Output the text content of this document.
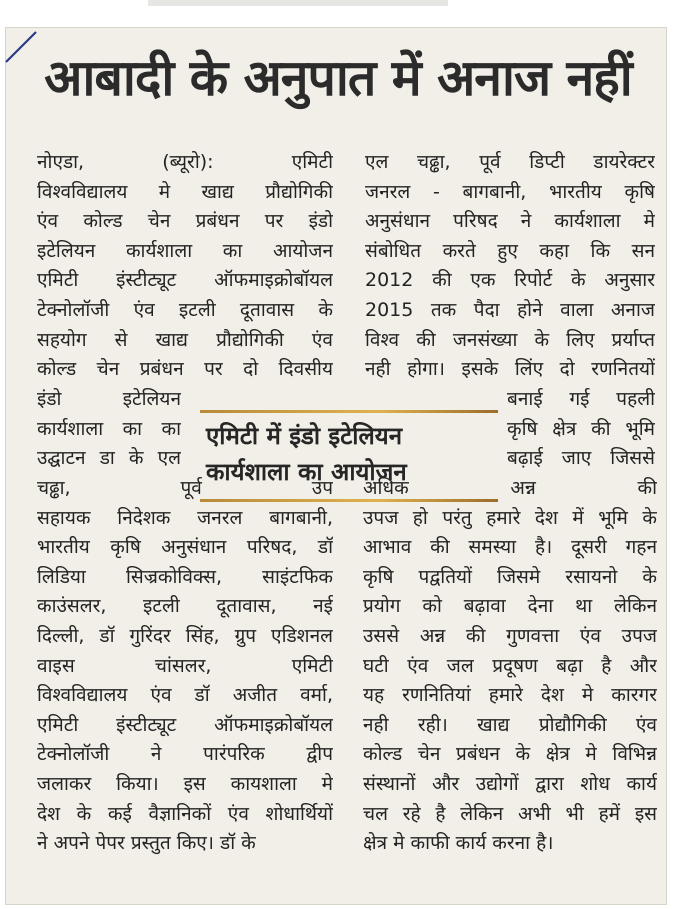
आबादी के अनुपात में अनाज नहीं
नोएडा, (ब्यूरो): एमिटी
विश्वविद्यालय मे खाद्य प्रौद्योगिकी
एंव कोल्ड चेन प्रबंधन पर इंडो
इटेलियन कार्यशाला का आयोजन
एमिटी इंस्टीट्यूट ऑफमाइक्रोबॉयल
टेक्नोलॉजी एंव इटली दूतावास के
सहयोग से खाद्य प्रौद्योगिकी एंव
कोल्ड चेन प्रबंधन पर दो दिवसीय
इंडो इटेलियन
कार्यशाला का का
उद्घाटन डा के एल
चढ्ढा, पूर्व उप
सहायक निदेशक जनरल बागबानी,
भारतीय कृषि अनुसंधान परिषद, डॉ
लिडिया सिज्रकोविक्स, साइंटफिक
काउंसलर, इटली दूतावास, नई
दिल्ली, डॉ गुरिंदर सिंह, ग्रुप एडिशनल
वाइस चांसलर, एमिटी
विश्वविद्यालय एंव डॉ अजीत वर्मा,
एमिटी इंस्टीट्यूट ऑफमाइक्रोबॉयल
टेक्नोलॉजी ने पारंपरिक द्वीप
जलाकर किया। इस कायशाला मे
देश के कई वैज्ञानिकों एंव शोधार्थियों
ने अपने पेपर प्रस्तुत किए। डॉ के
एल चढ्ढा, पूर्व डिप्टी डायरेक्टर
जनरल - बागबानी, भारतीय कृषि
अनुसंधान परिषद ने कार्यशाला मे
संबोधित करते हुए कहा कि सन
2012 की एक रिपोर्ट के अनुसार
2015 तक पैदा होने वाला अनाज
विश्व की जनसंख्या के लिए प्रर्याप्त
नही होगा। इसके लिंए दो रणनितयों
बनाई गई पहली
कृषि क्षेत्र की भूमि
बढ़ाई जाए जिससे
अधिक अन्न की
उपज हो परंतु हमारे देश में भूमि के
आभाव की समस्या है। दूसरी गहन
कृषि पद्वतियों जिसमे रसायनो के
प्रयोग को बढ़ावा देना था लेकिन
उससे अन्न की गुणवत्ता एंव उपज
घटी एंव जल प्रदूषण बढ़ा है और
यह रणनितियां हमारे देश मे कारगर
नही रही। खाद्य प्रोद्यौगिकी एंव
कोल्ड चेन प्रबंधन के क्षेत्र मे विभिन्न
संस्थानों और उद्योगों द्वारा शोध कार्य
चल रहे है लेकिन अभी भी हमें इस
क्षेत्र मे काफी कार्य करना है।
एमिटी में इंडो इटेलियन
कार्यशाला का आयोजन
